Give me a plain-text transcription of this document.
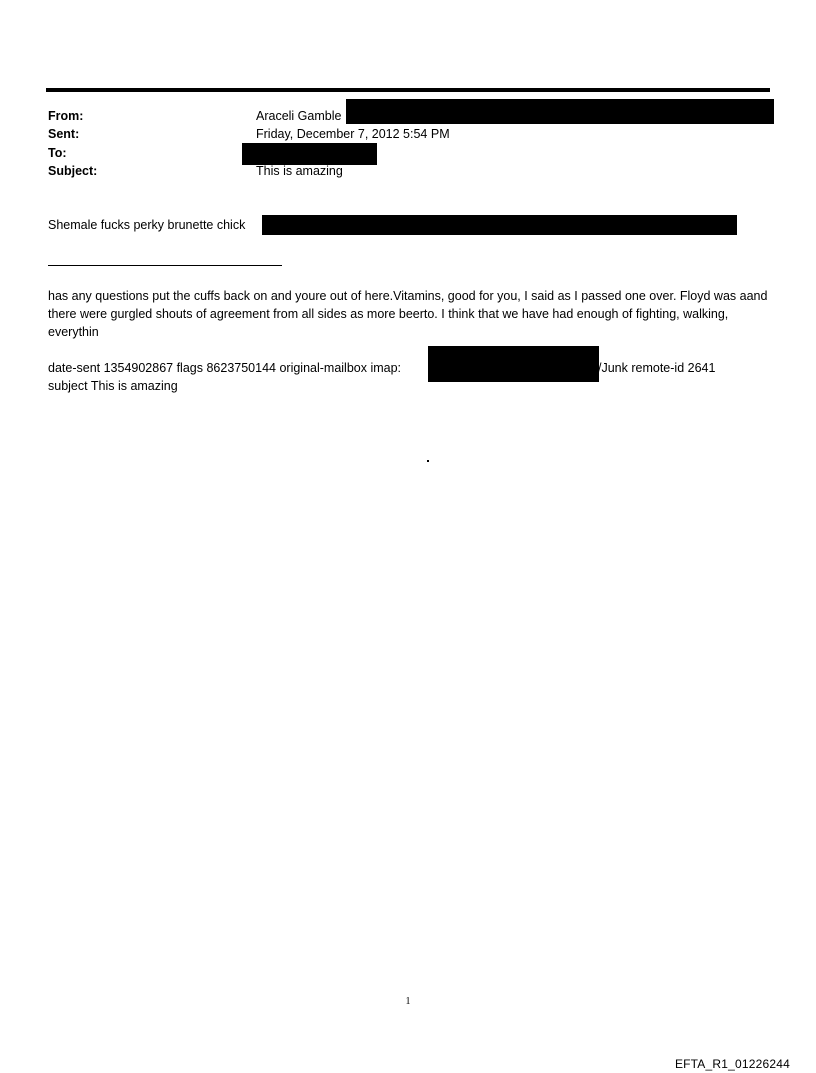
From:	Araceli Gamble
Sent:	Friday, December 7, 2012 5:54 PM
To:
Subject:	This is amazing
Shemale fucks perky brunette chick
has any questions put the cuffs back on and youre out of here.Vitamins, good for you, I said as I passed one over. Floyd was aand there were gurgled shouts of agreement from all sides as more beerto. I think that we have had enough of fighting, walking, everythin
date-sent 1354902867 flags 8623750144 original-mailbox imap:	/Junk remote-id 2641
subject This is amazing
1
EFTA_R1_01226244
